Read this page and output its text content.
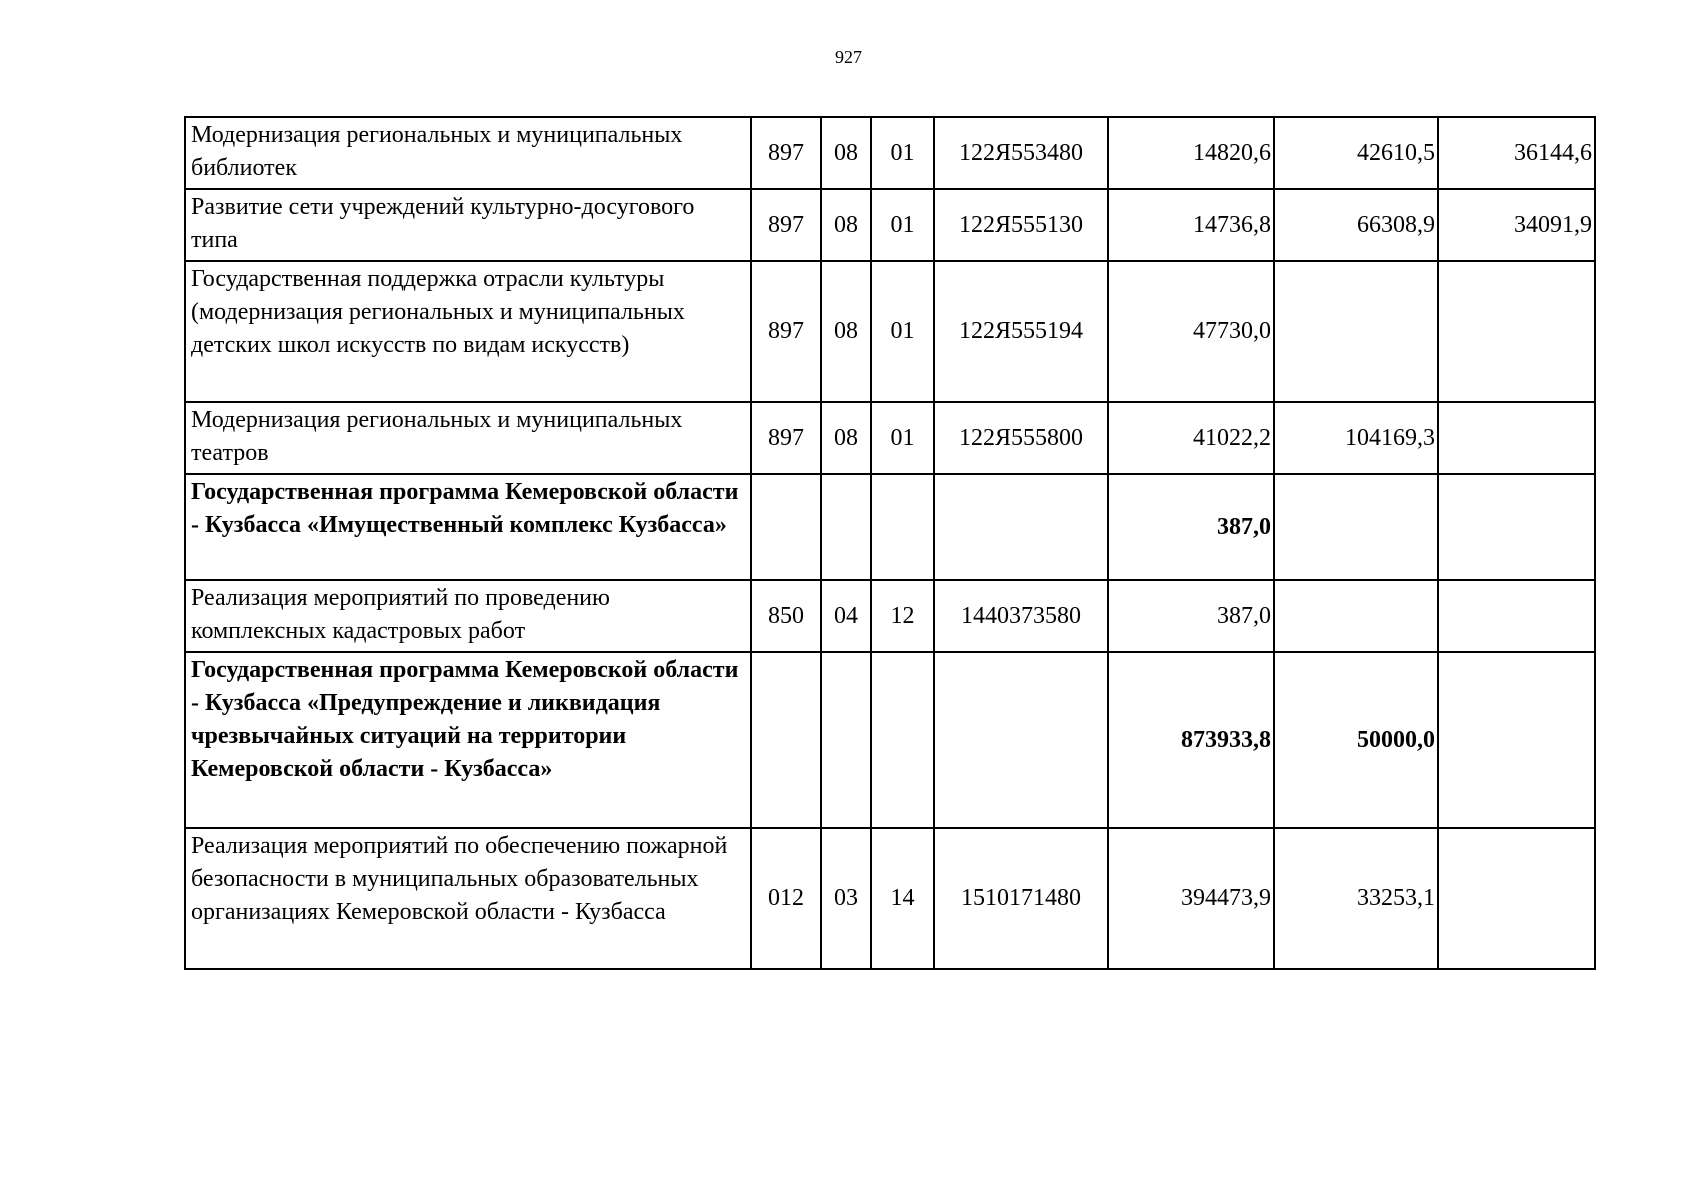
927
Модернизация региональных и муниципальных библиотек	897	08	01	122Я553480	14820,6	42610,5	36144,6
Развитие сети учреждений культурно-досугового типа	897	08	01	122Я555130	14736,8	66308,9	34091,9
Государственная поддержка отрасли культуры (модернизация региональных и муниципальных детских школ искусств по видам искусств)	897	08	01	122Я555194	47730,0		
Модернизация региональных и муниципальных театров	897	08	01	122Я555800	41022,2	104169,3	
Государственная программа Кемеровской области - Кузбасса «Имущественный комплекс Кузбасса»					387,0		
Реализация мероприятий по проведению комплексных кадастровых работ	850	04	12	1440373580	387,0		
Государственная программа Кемеровской области - Кузбасса «Предупреждение и ликвидация чрезвычайных ситуаций на территории Кемеровской области - Кузбасса»					873933,8	50000,0	
Реализация мероприятий по обеспечению пожарной безопасности в муниципальных образовательных организациях Кемеровской области - Кузбасса	012	03	14	1510171480	394473,9	33253,1	
